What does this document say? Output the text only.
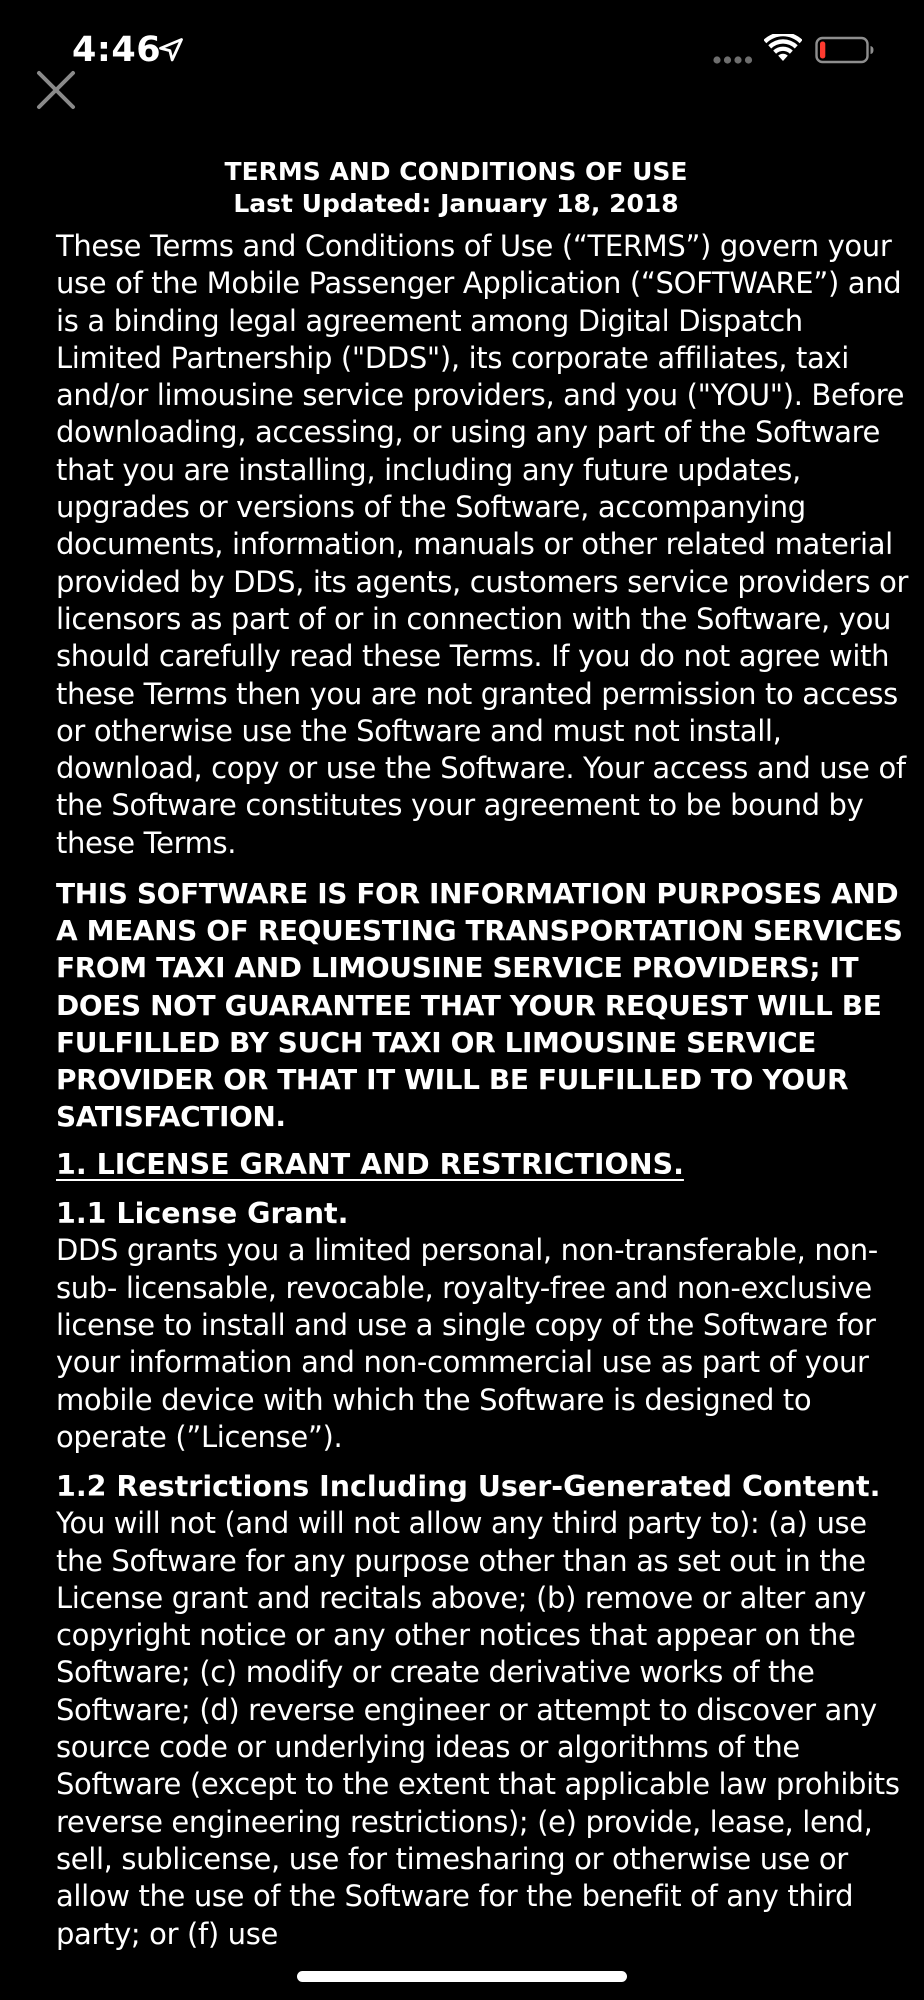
4:46
TERMS AND CONDITIONS OF USE
Last Updated: January 18, 2018

These Terms and Conditions of Use (“TERMS”) govern your use of the Mobile Passenger Application (“SOFTWARE”) and is a binding legal agreement among Digital Dispatch Limited Partnership ("DDS"), its corporate affiliates, taxi and/or limousine service providers, and you ("YOU"). Before downloading, accessing, or using any part of the Software that you are installing, including any future updates, upgrades or versions of the Software, accompanying documents, information, manuals or other related material provided by DDS, its agents, customers service providers or licensors as part of or in connection with the Software, you should carefully read these Terms. If you do not agree with these Terms then you are not granted permission to access or otherwise use the Software and must not install, download, copy or use the Software. Your access and use of the Software constitutes your agreement to be bound by these Terms.

THIS SOFTWARE IS FOR INFORMATION PURPOSES AND A MEANS OF REQUESTING TRANSPORTATION SERVICES FROM TAXI AND LIMOUSINE SERVICE PROVIDERS; IT DOES NOT GUARANTEE THAT YOUR REQUEST WILL BE FULFILLED BY SUCH TAXI OR LIMOUSINE SERVICE PROVIDER OR THAT IT WILL BE FULFILLED TO YOUR SATISFACTION.

1. LICENSE GRANT AND RESTRICTIONS.
1.1 License Grant.

DDS grants you a limited personal, non-transferable, non-sub- licensable, revocable, royalty-free and non-exclusive license to install and use a single copy of the Software for your information and non-commercial use as part of your mobile device with which the Software is designed to operate (”License”).

1.2 Restrictions Including User-Generated Content.

You will not (and will not allow any third party to): (a) use the Software for any purpose other than as set out in the License grant and recitals above; (b) remove or alter any copyright notice or any other notices that appear on the Software; (c) modify or create derivative works of the Software; (d) reverse engineer or attempt to discover any source code or underlying ideas or algorithms of the Software (except to the extent that applicable law prohibits reverse engineering restrictions); (e) provide, lease, lend, sell, sublicense, use for timesharing or otherwise use or allow the use of the Software for the benefit of any third party; or (f) use
